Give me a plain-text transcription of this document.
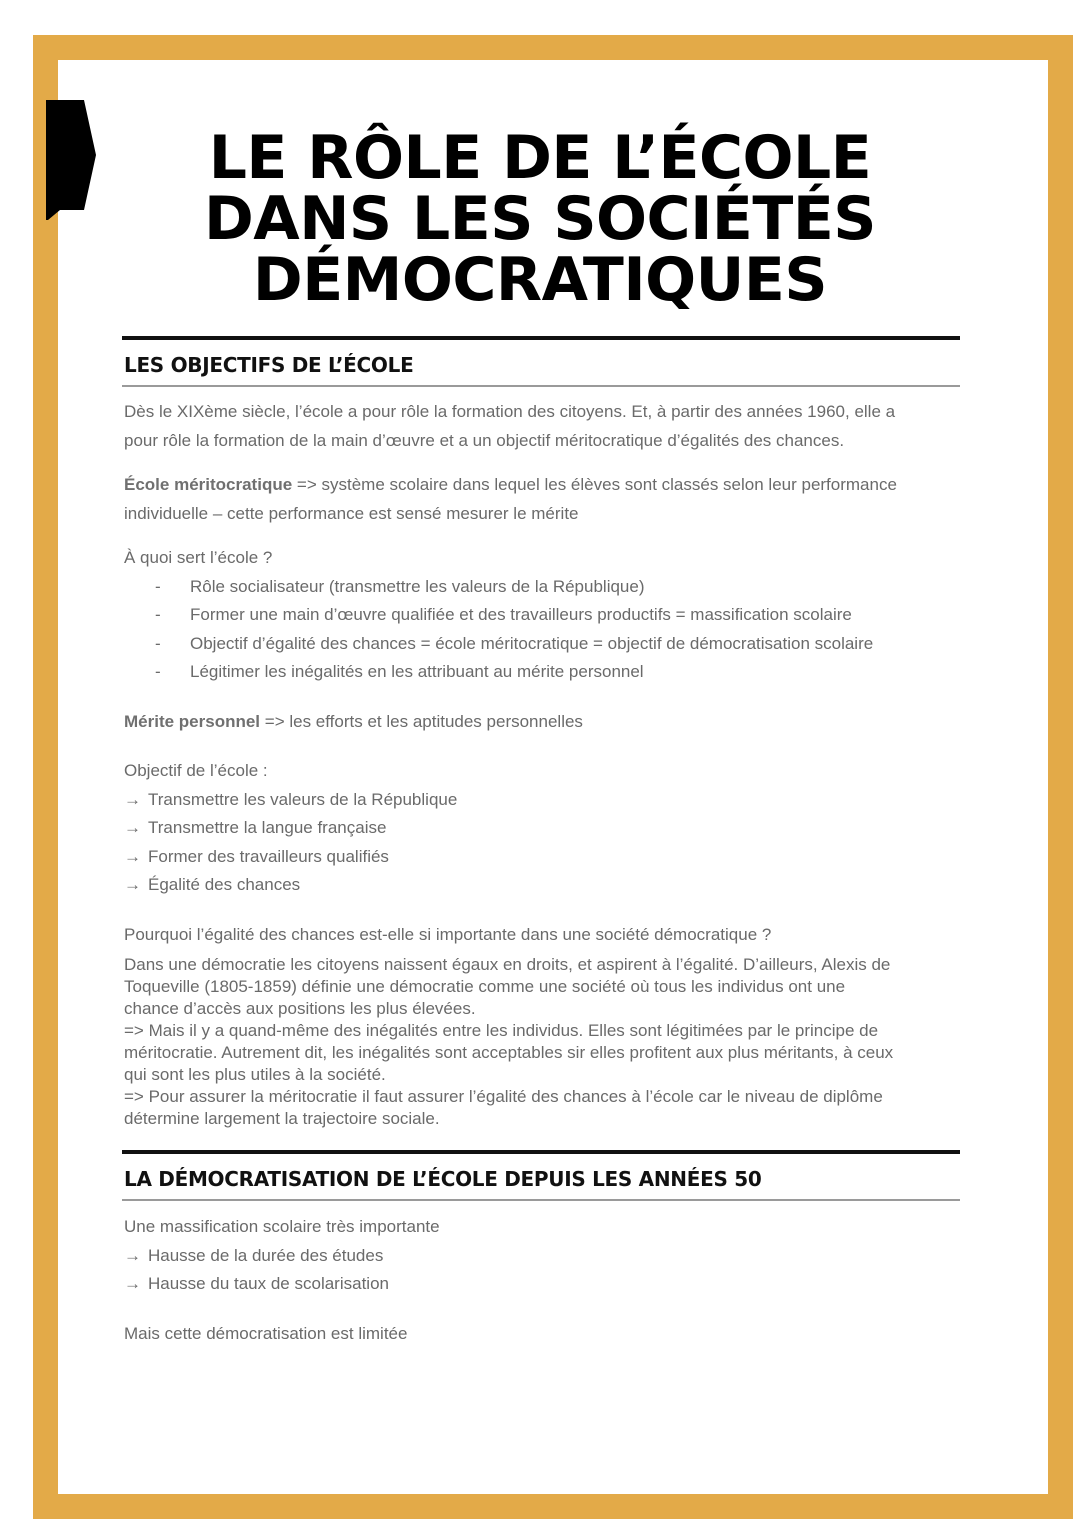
LE RÔLE DE L’ÉCOLE
DANS LES SOCIÉTÉS
DÉMOCRATIQUES
LES OBJECTIFS DE L’ÉCOLE

Dès le XIXème siècle, l’école a pour rôle la formation des citoyens. Et, à partir des années 1960, elle a
pour rôle la formation de la main d’œuvre et a un objectif méritocratique d’égalités des chances.

École méritocratique => système scolaire dans lequel les élèves sont classés selon leur performance
individuelle – cette performance est sensé mesurer le mérite

À quoi sert l’école ?

- Rôle socialisateur (transmettre les valeurs de la République)
- Former une main d’œuvre qualifiée et des travailleurs productifs = massification scolaire
- Objectif d’égalité des chances = école méritocratique = objectif de démocratisation scolaire
- Légitimer les inégalités en les attribuant au mérite personnel

Mérite personnel => les efforts et les aptitudes personnelles

Objectif de l’école :

→ Transmettre les valeurs de la République
→ Transmettre la langue française
→ Former des travailleurs qualifiés
→ Égalité des chances

Pourquoi l’égalité des chances est-elle si importante dans une société démocratique ?

Dans une démocratie les citoyens naissent égaux en droits, et aspirent à l’égalité. D’ailleurs, Alexis de
Toqueville (1805-1859) définie une démocratie comme une société où tous les individus ont une
chance d’accès aux positions les plus élevées.
=> Mais il y a quand-même des inégalités entre les individus. Elles sont légitimées par le principe de
méritocratie. Autrement dit, les inégalités sont acceptables sir elles profitent aux plus méritants, à ceux
qui sont les plus utiles à la société.
=> Pour assurer la méritocratie il faut assurer l’égalité des chances à l’école car le niveau de diplôme
détermine largement la trajectoire sociale.

LA DÉMOCRATISATION DE L’ÉCOLE DEPUIS LES ANNÉES 50

Une massification scolaire très importante

→ Hausse de la durée des études
→ Hausse du taux de scolarisation

Mais cette démocratisation est limitée
